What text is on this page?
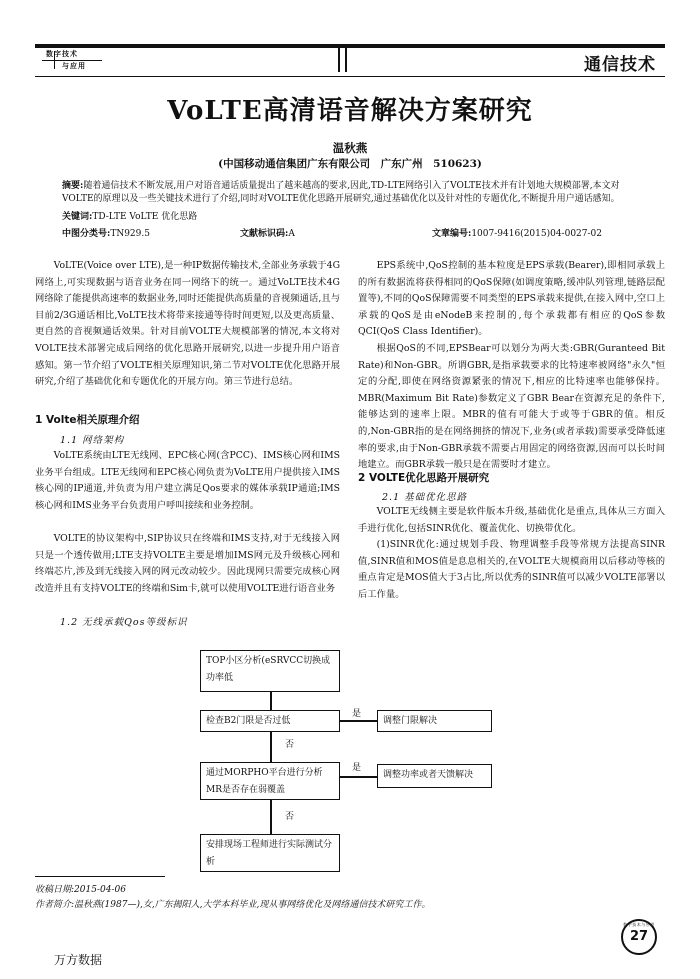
数字技术
与应用	通信技术
VoLTE高清语音解决方案研究
温秋燕
(中国移动通信集团广东有限公司　广东广州　510623)
摘要:随着通信技术不断发展,用户对语音通话质量提出了越来越高的要求,因此,TD-LTE网络引入了VOLTE技术并有计划地大规模部署,本文对VOLTE的原理以及一些关键技术进行了介绍,同时对VOLTE优化思路开展研究,通过基础优化以及针对性的专题优化,不断提升用户通话感知。
关键词:TD-LTE VoLTE 优化思路
中图分类号:TN929.5	文献标识码:A	文章编号:1007-9416(2015)04-0027-02
VoLTE(Voice over LTE),是一种IP数据传输技术,全部业务承载于4G网络上,可实现数据与语音业务在同一网络下的统一。通过VoLTE技术4G网络除了能提供高速率的数据业务,同时还能提供高质量的音视频通话,且与目前2/3G通话相比,VoLTE技术将带来接通等待时间更短,以及更高质量、更自然的音视频通话效果。针对目前VOLTE大规模部署的情况,本文将对VOLTE技术部署完成后网络的优化思路开展研究,以进一步提升用户语音感知。第一节介绍了VOLTE相关原理知识,第二节对VOLTE优化思路开展研究,介绍了基础优化和专题优化的开展方向。第三节进行总结。
1 Volte相关原理介绍
1.1 网络架构
VoLTE系统由LTE无线网、EPC核心网(含PCC)、IMS核心网和IMS业务平台组成。LTE无线网和EPC核心网负责为VoLTE用户提供接入IMS核心网的IP通道,并负责为用户建立满足Qos要求的媒体承载IP通道;IMS核心网和IMS业务平台负责用户呼叫接续和业务控制。
VOLTE的协议架构中,SIP协议只在终端和IMS支持,对于无线接入网只是一个透传做用;LTE支持VOLTE主要是增加IMS网元及升级核心网和终端芯片,涉及到无线接入网的网元改动较少。因此现网只需要完成核心网改造并且有支持VOLTE的终端和Sim卡,就可以使用VOLTE进行语音业务
1.2 无线承载Qos等级标识
EPS系统中,QoS控制的基本粒度是EPS承载(Bearer),即相同承载上的所有数据流将获得相同的QoS保障(如调度策略,缓冲队列管理,链路层配置等),不同的QoS保障需要不同类型的EPS承载来提供,在接入网中,空口上承载的QoS是由eNodeB来控制的,每个承载都有相应的QoS参数QCI(QoS Class Identifier)。
根据QoS的不同,EPSBear可以划分为两大类:GBR(Guranteed Bit Rate)和Non-GBR。所谓GBR,是指承载要求的比特速率被网络"永久"恒定的分配,即使在网络资源紧张的情况下,相应的比特速率也能够保持。MBR(Maximum Bit Rate)参数定义了GBR Bear在资源充足的条件下,能够达到的速率上限。MBR的值有可能大于或等于GBR的值。相反的,Non-GBR指的是在网络拥挤的情况下,业务(或者承载)需要承受降低速率的要求,由于Non-GBR承载不需要占用固定的网络资源,因而可以长时间地建立。而GBR承载一般只是在需要时才建立。
2 VOLTE优化思路开展研究
2.1 基础优化思路
VOLTE无线侧主要是软件版本升级,基础优化是重点,具体从三方面入手进行优化,包括SINR优化、覆盖优化、切换带优化。
(1)SINR优化:通过规划手段、物理调整手段等常规方法提高SINR值,SINR值和MOS值是息息相关的,在VOLTE大规模商用以后移动等核的重点肯定是MOS值大于3占比,所以优秀的SINR值可以减少VOLTE部署以后工作量。
TOP小区分析(eSRVCC切换成功率低
检查B2门限是否过低
是
调整门限解决
否
通过MORPHO平台进行分析MR是否存在弱覆盖
是
调整功率或者天馈解决
否
安排现场工程师进行实际测试分析
收稿日期:2015-04-06
作者简介:温秋燕(1987—),女,广东揭阳人,大学本科毕业,现从事网络优化及网络通信技术研究工作。
数字技术与应用
27
万方数据
